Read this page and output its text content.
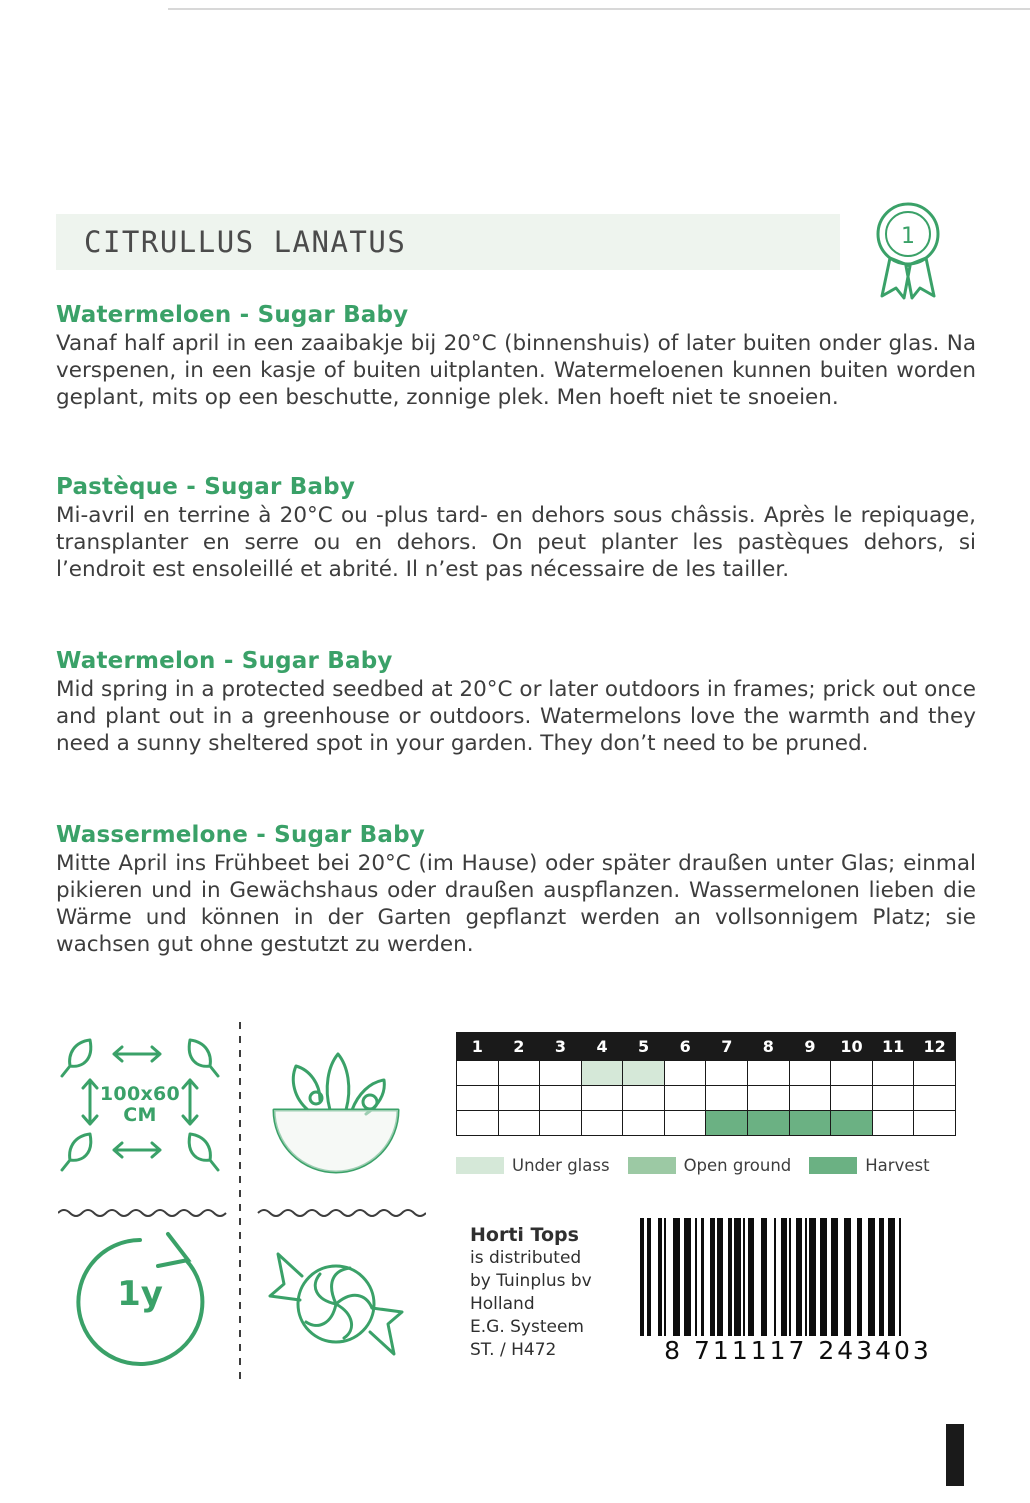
CITRULLUS LANATUS	1
Watermeloen - Sugar Baby

Vanaf half april in een zaaibakje bij 20°C (binnenshuis) of later buiten onder glas. Na verspenen, in een kasje of buiten uitplanten. Watermeloenen kunnen buiten worden geplant, mits op een beschutte, zonnige plek. Men hoeft niet te snoeien.

Pastèque - Sugar Baby

Mi-avril en terrine à 20°C ou -plus tard- en dehors sous châssis. Après le repiquage, transplanter en serre ou en dehors. On peut planter les pastèques dehors, si l’endroit est ensoleillé et abrité. Il n’est pas nécessaire de les tailler.

Watermelon - Sugar Baby

Mid spring in a protected seedbed at 20°C or later outdoors in frames; prick out once and plant out in a greenhouse or outdoors. Watermelons love the warmth and they need a sunny sheltered spot in your garden. They don’t need to be pruned.

Wassermelone - Sugar Baby

Mitte April ins Frühbeet bei 20°C (im Hause) oder später draußen unter Glas; einmal pikieren und in Gewächshaus oder draußen auspflanzen. Wassermelonen lieben die Wärme und können in der Garten gepflanzt werden an vollsonnigem Platz; sie wachsen gut ohne gestutzt zu werden.

100x60
CM
1y
1	2	3	4	5	6	7	8	9	10	11	12

Under glass	Open ground	Harvest
Horti Tops
is distributed
by Tuinplus bv
Holland
E.G. Systeem
ST. / H472	8 711117 243403
